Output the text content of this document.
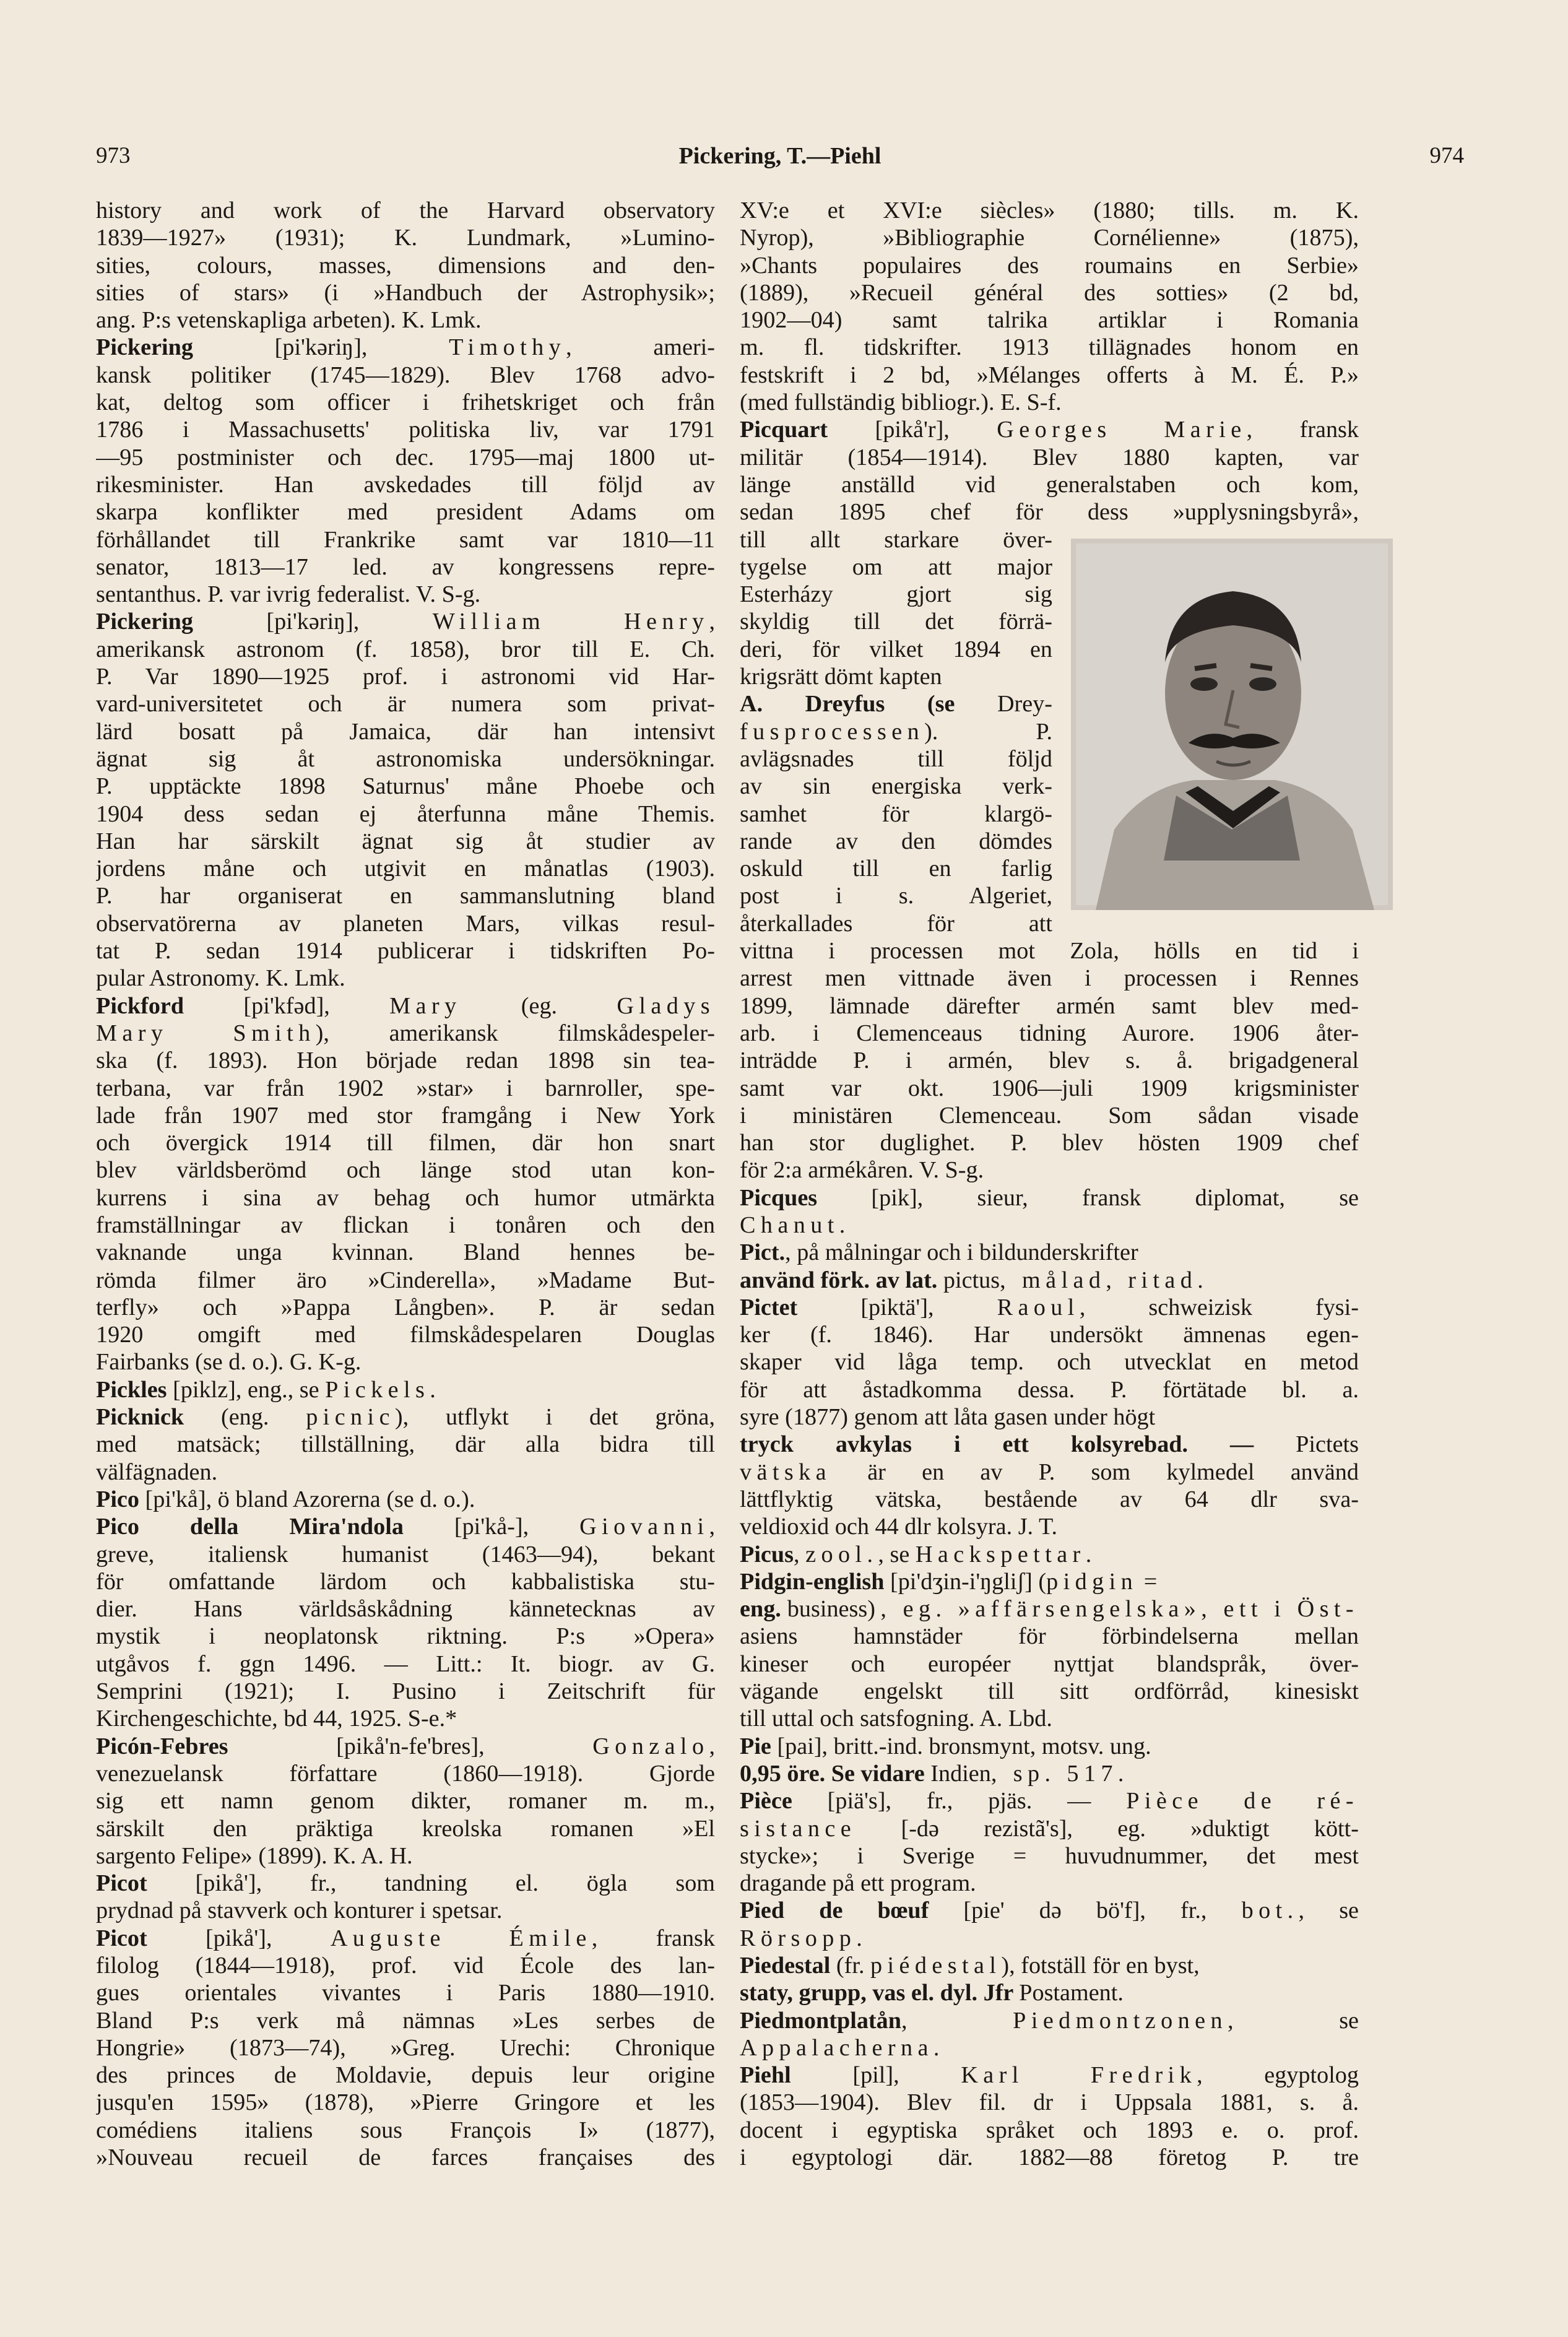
973	Pickering, T.—Piehl	974
history and work of the Harvard observatory
1839—1927» (1931); K. Lundmark, »Lumino-
sities, colours, masses, dimensions and den-
sities of stars» (i »Handbuch der Astrophysik»;
ang. P:s vetenskapliga arbeten). K. Lmk.
Pickering [pi'kəriŋ], Timothy, ameri-
kansk politiker (1745—1829). Blev 1768 advo-
kat, deltog som officer i frihetskriget och från
1786 i Massachusetts' politiska liv, var 1791
—95 postminister och dec. 1795—maj 1800 ut-
rikesminister. Han avskedades till följd av
skarpa konflikter med president Adams om
förhållandet till Frankrike samt var 1810—11
senator, 1813—17 led. av kongressens repre-
sentanthus. P. var ivrig federalist. V. S-g.
Pickering [pi'kəriŋ], William Henry,
amerikansk astronom (f. 1858), bror till E. Ch.
P. Var 1890—1925 prof. i astronomi vid Har-
vard-universitetet och är numera som privat-
lärd bosatt på Jamaica, där han intensivt
ägnat sig åt astronomiska undersökningar.
P. upptäckte 1898 Saturnus' måne Phoebe och
1904 dess sedan ej återfunna måne Themis.
Han har särskilt ägnat sig åt studier av
jordens måne och utgivit en månatlas (1903).
P. har organiserat en sammanslutning bland
observatörerna av planeten Mars, vilkas resul-
tat P. sedan 1914 publicerar i tidskriften Po-
pular Astronomy. K. Lmk.
Pickford [pi'kfəd], Mary (eg. Gladys
Mary Smith), amerikansk filmskådespeler-
ska (f. 1893). Hon började redan 1898 sin tea-
terbana, var från 1902 »star» i barnroller, spe-
lade från 1907 med stor framgång i New York
och övergick 1914 till filmen, där hon snart
blev världsberömd och länge stod utan kon-
kurrens i sina av behag och humor utmärkta
framställningar av flickan i tonåren och den
vaknande unga kvinnan. Bland hennes be-
römda filmer äro »Cinderella», »Madame But-
terfly» och »Pappa Långben». P. är sedan
1920 omgift med filmskådespelaren Douglas
Fairbanks (se d. o.). G. K-g.
Pickles [piklz], eng., se Pickels.
Picknick (eng. picnic), utflykt i det gröna,
med matsäck; tillställning, där alla bidra till
välfägnaden.
Pico [pi'kå], ö bland Azorerna (se d. o.).
Pico della Mira'ndola [pi'kå-], Giovanni,
greve, italiensk humanist (1463—94), bekant
för omfattande lärdom och kabbalistiska stu-
dier. Hans världsåskådning kännetecknas av
mystik i neoplatonsk riktning. P:s »Opera»
utgåvos f. ggn 1496. — Litt.: It. biogr. av G.
Semprini (1921); I. Pusino i Zeitschrift für
Kirchengeschichte, bd 44, 1925. S-e.*
Picón-Febres [pikå'n-fe'bres], Gonzalo,
venezuelansk författare (1860—1918). Gjorde
sig ett namn genom dikter, romaner m. m.,
särskilt den präktiga kreolska romanen »El
sargento Felipe» (1899). K. A. H.
Picot [pikå'], fr., tandning el. ögla som
prydnad på stavverk och konturer i spetsar.
Picot [pikå'], Auguste Émile, fransk
filolog (1844—1918), prof. vid École des lan-
gues orientales vivantes i Paris 1880—1910.
Bland P:s verk må nämnas »Les serbes de
Hongrie» (1873—74), »Greg. Urechi: Chronique
des princes de Moldavie, depuis leur origine
jusqu'en 1595» (1878), »Pierre Gringore et les
comédiens italiens sous François I» (1877),
»Nouveau recueil de farces françaises des
XV:e et XVI:e siècles» (1880; tills. m. K.
Nyrop), »Bibliographie Cornélienne» (1875),
»Chants populaires des roumains en Serbie»
(1889), »Recueil général des sotties» (2 bd,
1902—04) samt talrika artiklar i Romania
m. fl. tidskrifter. 1913 tillägnades honom en
festskrift i 2 bd, »Mélanges offerts à M. É. P.»
(med fullständig bibliogr.). E. S-f.
Picquart [pikå'r], Georges Marie, fransk
militär (1854—1914). Blev 1880 kapten, var
länge anställd vid generalstaben och kom,
sedan 1895 chef för dess »upplysningsbyrå»,
till allt starkare över-
tygelse om att major
Esterházy gjort sig
skyldig till det förrä-
deri, för vilket 1894 en
krigsrätt dömt kapten
A. Dreyfus (se Drey-
fusprocessen). P.
avlägsnades till följd
av sin energiska verk-
samhet för klargö-
rande av den dömdes
oskuld till en farlig
post i s. Algeriet,
återkallades för att
vittna i processen mot Zola, hölls en tid i
arrest men vittnade även i processen i Rennes
1899, lämnade därefter armén samt blev med-
arb. i Clemenceaus tidning Aurore. 1906 åter-
inträdde P. i armén, blev s. å. brigadgeneral
samt var okt. 1906—juli 1909 krigsminister
i ministären Clemenceau. Som sådan visade
han stor duglighet. P. blev hösten 1909 chef
för 2:a armékåren. V. S-g.
Picques [pik], sieur, fransk diplomat, se
Chanut.
Pict., på målningar och i bildunderskrifter
använd förk. av lat. pictus, målad, ritad.
Pictet [piktä'], Raoul, schweizisk fysi-
ker (f. 1846). Har undersökt ämnenas egen-
skaper vid låga temp. och utvecklat en metod
för att åstadkomma dessa. P. förtätade bl. a.
syre (1877) genom att låta gasen under högt
tryck avkylas i ett kolsyrebad. — Pictets
vätska är en av P. som kylmedel använd
lättflyktig vätska, bestående av 64 dlr sva-
veldioxid och 44 dlr kolsyra. J. T.
Picus, zool., se Hackspettar.
Pidgin-english [pi'dʒin-i'ŋgliʃ] (pidgin =
eng. business), eg. »affärsengelska», ett i Öst-
asiens hamnstäder för förbindelserna mellan
kineser och européer nyttjat blandspråk, över-
vägande engelskt till sitt ordförråd, kinesiskt
till uttal och satsfogning. A. Lbd.
Pie [pai], britt.-ind. bronsmynt, motsv. ung.
0,95 öre. Se vidare Indien, sp. 517.
Pièce [piä's], fr., pjäs. — Pièce de ré-
sistance [-də rezistã's], eg. »duktigt kött-
stycke»; i Sverige = huvudnummer, det mest
dragande på ett program.
Pied de bœuf [pie' də bö'f], fr., bot., se
Rörsopp.
Piedestal (fr. piédestal), fotställ för en byst,
staty, grupp, vas el. dyl. Jfr Postament.
Piedmontplatån, Piedmontzonen, se
Appalacherna.
Piehl [pil], Karl Fredrik, egyptolog
(1853—1904). Blev fil. dr i Uppsala 1881, s. å.
docent i egyptiska språket och 1893 e. o. prof.
i egyptologi där. 1882—88 företog P. tre
